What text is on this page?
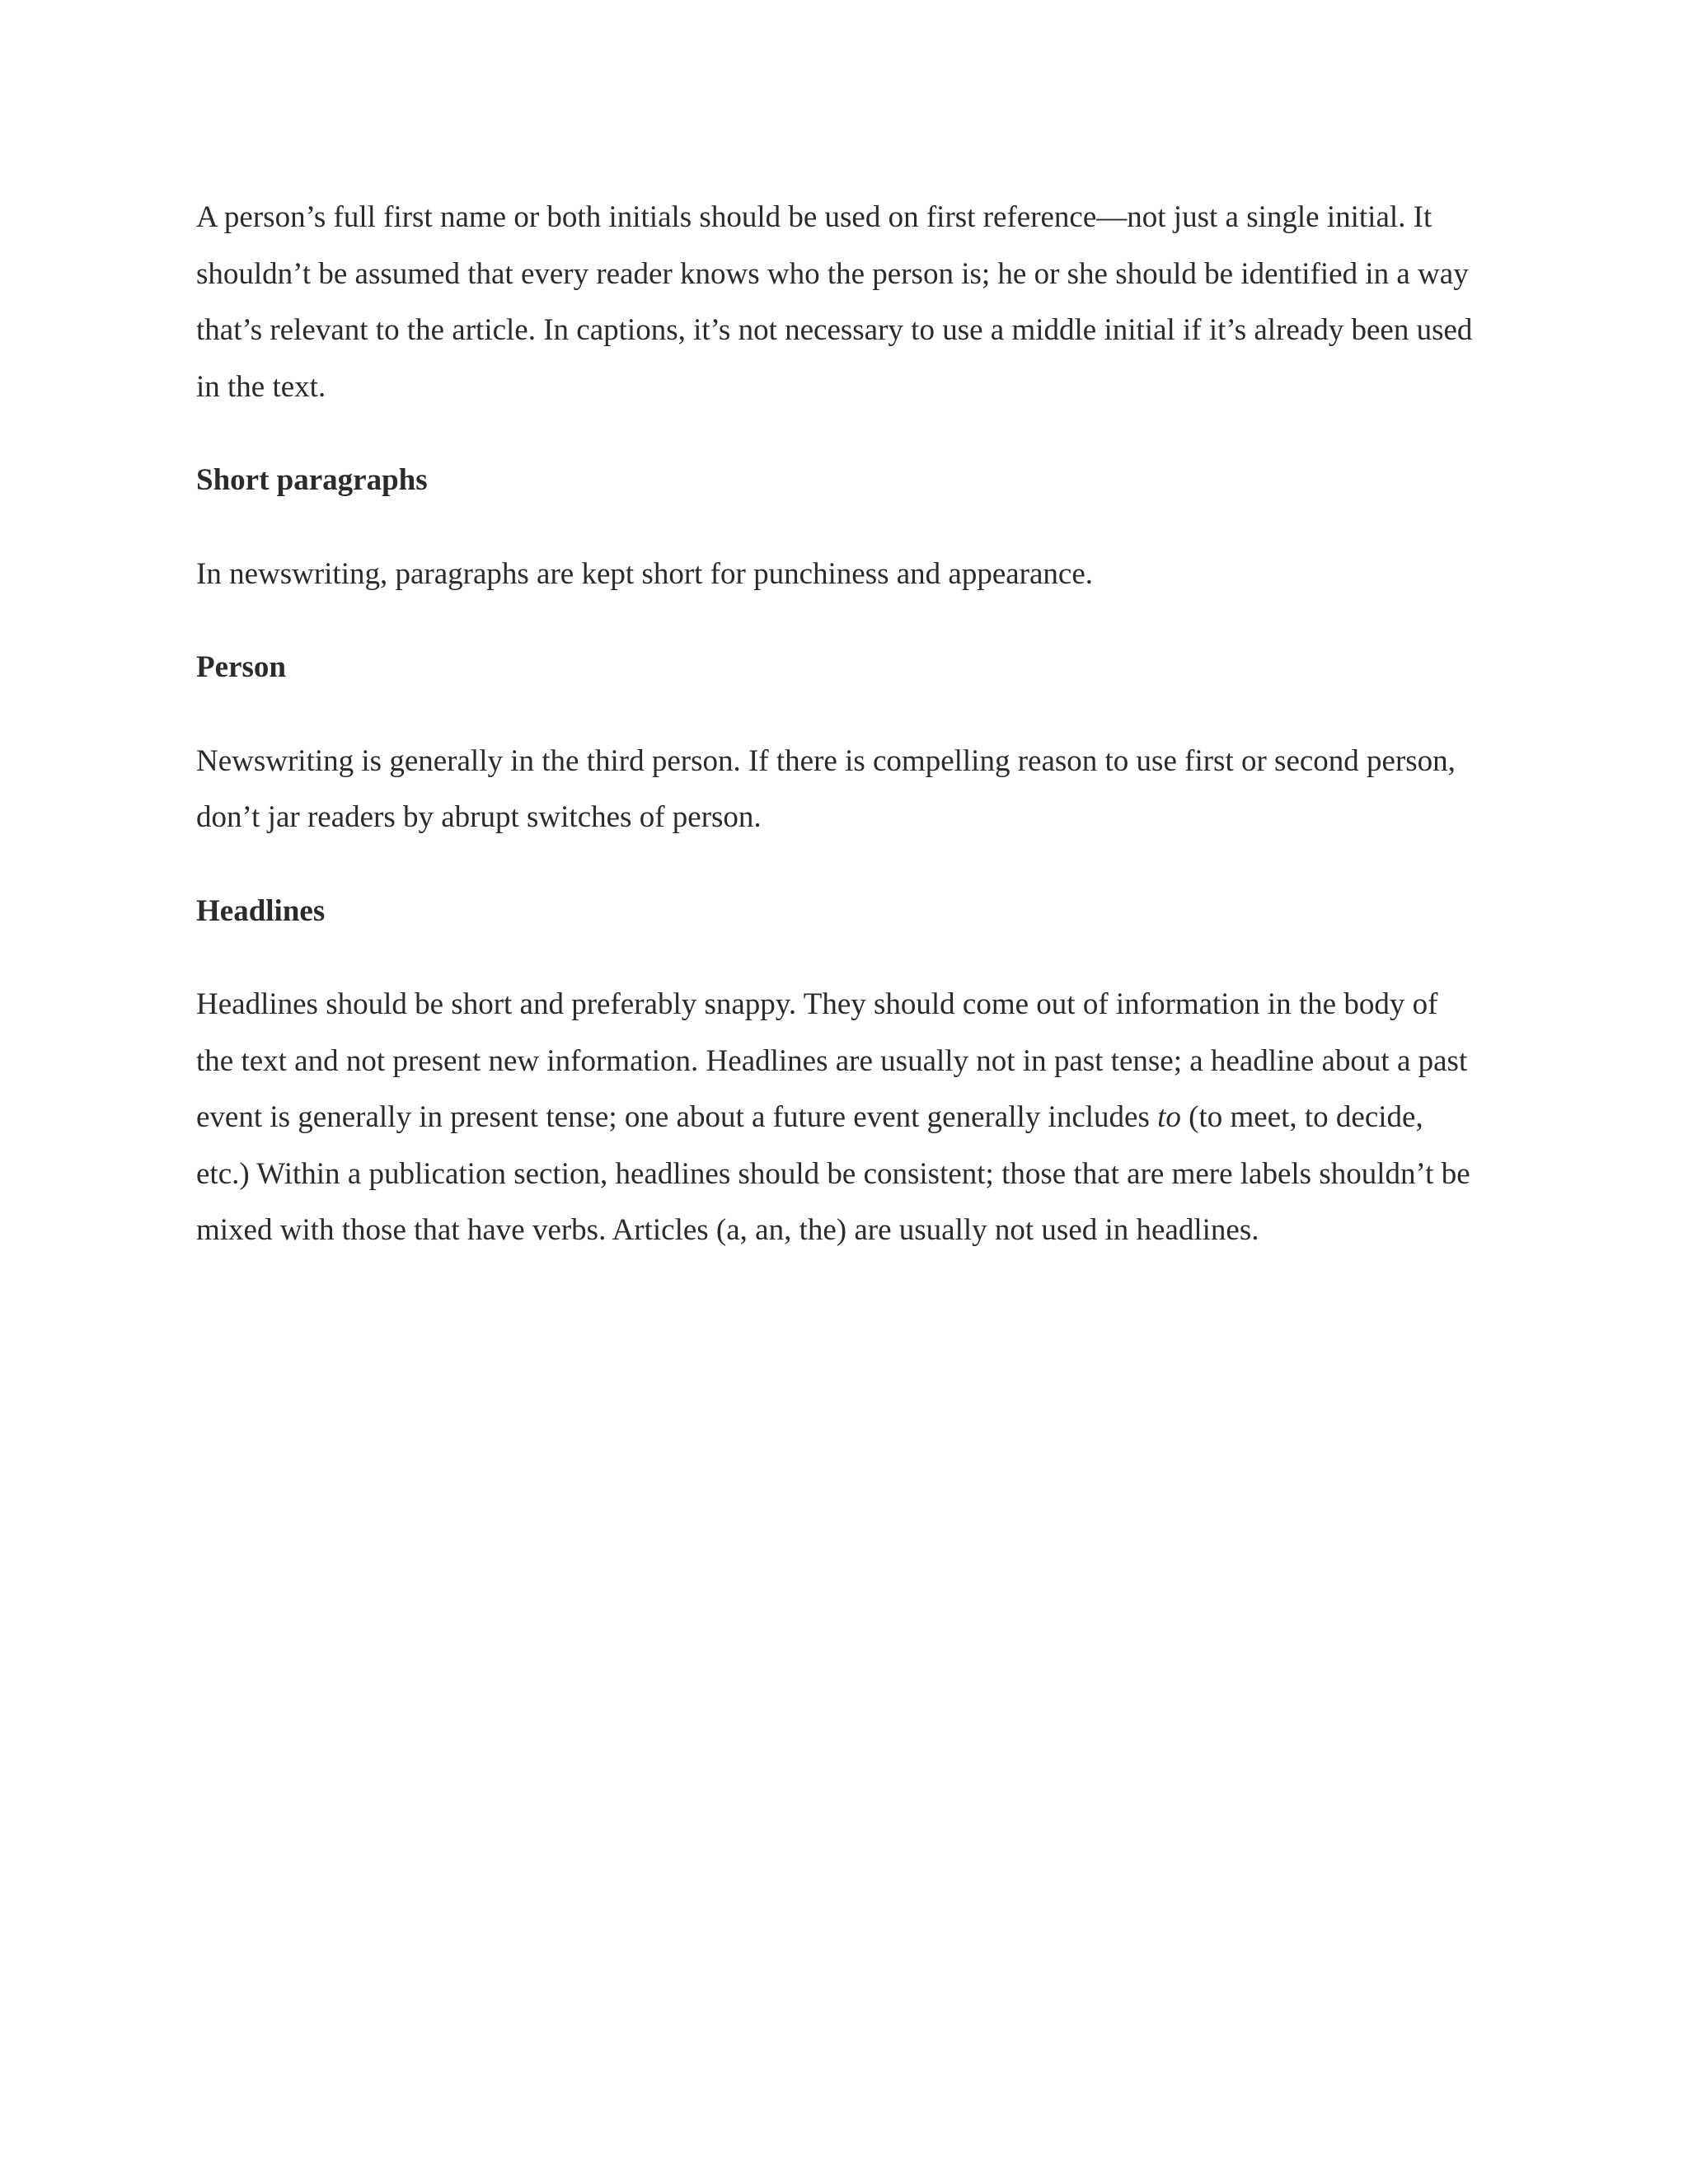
A person’s full first name or both initials should be used on first reference—not just a single initial. It shouldn’t be assumed that every reader knows who the person is; he or she should be identified in a way that’s relevant to the article. In captions, it’s not necessary to use a middle initial if it’s already been used in the text.

Short paragraphs

In newswriting, paragraphs are kept short for punchiness and appearance.

Person

Newswriting is generally in the third person. If there is compelling reason to use first or second person, don’t jar readers by abrupt switches of person.

Headlines

Headlines should be short and preferably snappy. They should come out of information in the body of the text and not present new information. Headlines are usually not in past tense; a headline about a past event is generally in present tense; one about a future event generally includes to (to meet, to decide, etc.) Within a publication section, headlines should be consistent; those that are mere labels shouldn’t be mixed with those that have verbs. Articles (a, an, the) are usually not used in headlines.
